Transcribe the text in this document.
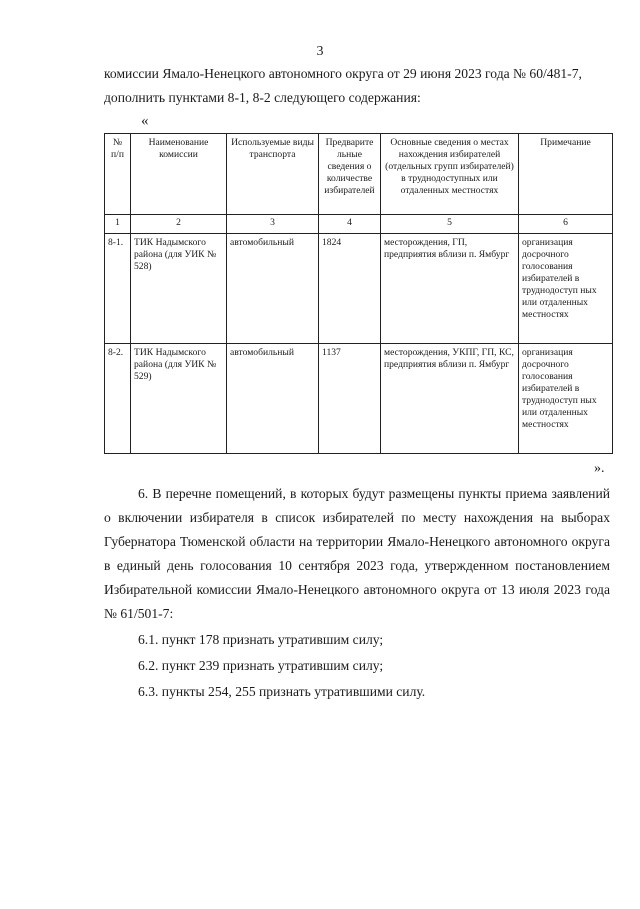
3
комиссии Ямало-Ненецкого автономного округа от 29 июня 2023 года № 60/481-7,
дополнить пунктами 8-1, 8-2 следующего содержания:
«
№ п/п	Наименование комиссии	Используемые виды транспорта	Предварите льные сведения о количестве избирателей	Основные сведения о местах нахождения избирателей (отдельных групп избирателей) в труднодоступных или отдаленных местностях	Примечание
1	2	3	4	5	6
8-1.	ТИК Надымского района (для УИК № 528)	автомобильный	1824	месторождения, ГП, предприятия вблизи п. Ямбург	организация досрочного голосования избирателей в труднодоступ ных или отдаленных местностях
8-2.	ТИК Надымского района (для УИК № 529)	автомобильный	1137	месторождения, УКПГ, ГП, КС, предприятия вблизи п. Ямбург	организация досрочного голосования избирателей в труднодоступ ных или отдаленных местностях
».
6. В перечне помещений, в которых будут размещены пункты приема заявлений о включении избирателя в список избирателей по месту нахождения на выборах Губернатора Тюменской области на территории Ямало-Ненецкого автономного округа в единый день голосования 10 сентября 2023 года, утвержденном постановлением Избирательной комиссии Ямало-Ненецкого автономного округа от 13 июля 2023 года № 61/501-7:
6.1. пункт 178 признать утратившим силу;
6.2. пункт 239 признать утратившим силу;
6.3. пункты 254, 255 признать утратившими силу.
